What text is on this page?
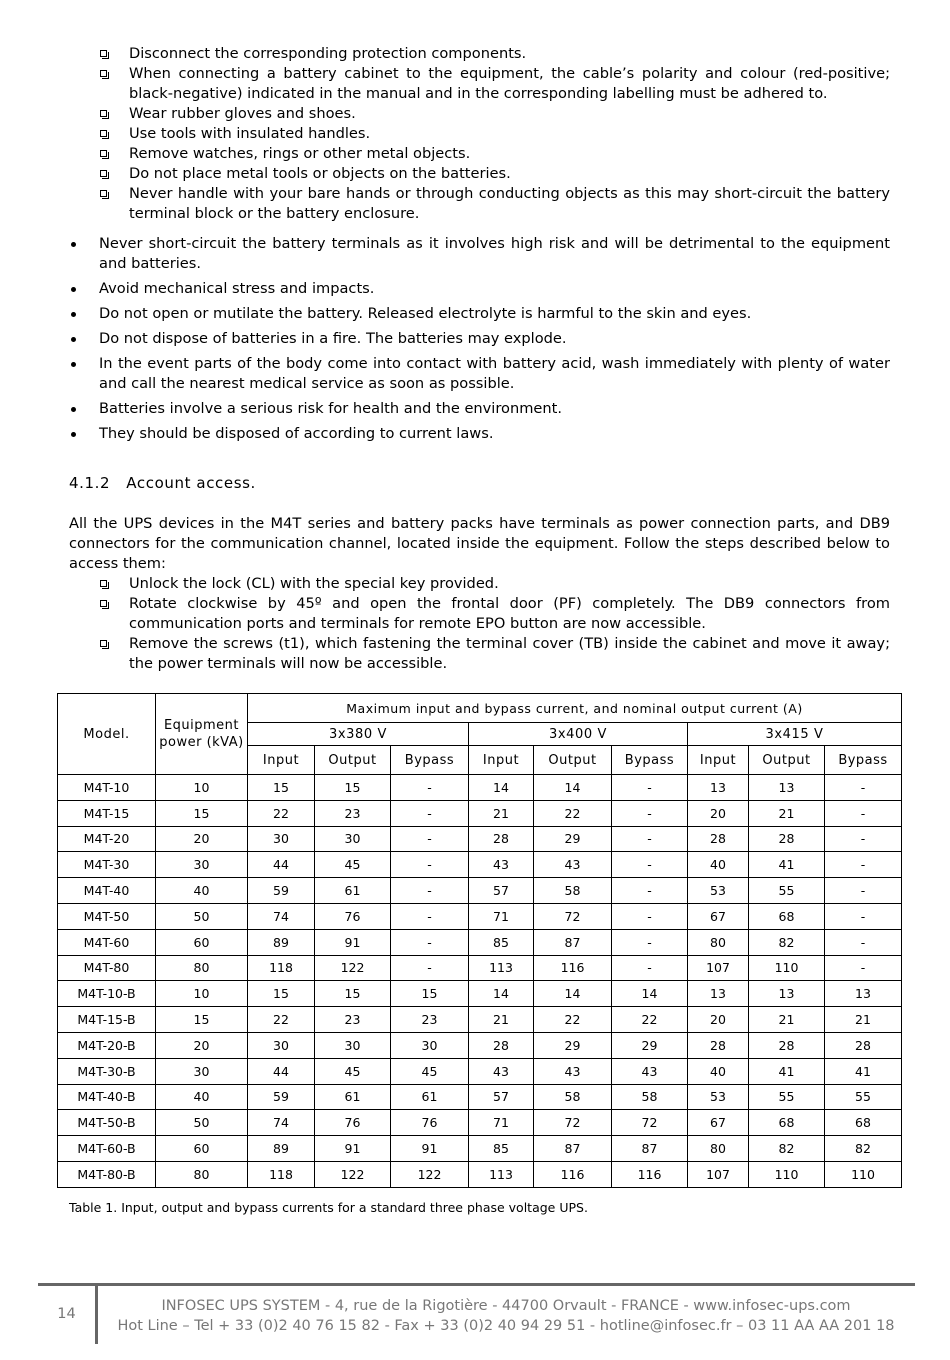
Disconnect the corresponding protection components.
When connecting a battery cabinet to the equipment, the cable’s polarity and colour (red-positive; black-negative) indicated in the manual and in the corresponding labelling must be adhered to.
Wear rubber gloves and shoes.
Use tools with insulated handles.
Remove watches, rings or other metal objects.
Do not place metal tools or objects on the batteries.
Never handle with your bare hands or through conducting objects as this may short-circuit the battery terminal block or the battery enclosure.
Never short-circuit the battery terminals as it involves high risk and will be detrimental to the equipment and batteries.
Avoid mechanical stress and impacts.
Do not open or mutilate the battery. Released electrolyte is harmful to the skin and eyes.
Do not dispose of batteries in a fire. The batteries may explode.
In the event parts of the body come into contact with battery acid, wash immediately with plenty of water and call the nearest medical service as soon as possible.
Batteries involve a serious risk for health and the environment.
They should be disposed of according to current laws.
4.1.2 Account access.

All the UPS devices in the M4T series and battery packs have terminals as power connection parts, and DB9 connectors for the communication channel, located inside the equipment. Follow the steps described below to access them:

Unlock the lock (CL) with the special key provided.
Rotate clockwise by 45º and open the frontal door (PF) completely. The DB9 connectors from communication ports and terminals for remote EPO button are now accessible.
Remove the screws (t1), which fastening the terminal cover (TB) inside the cabinet and move it away; the power terminals will now be accessible.
Model.	Equipment power (kVA)	Maximum input and bypass current, and nominal output current (A)								
		3x380 V			3x400 V			3x415 V		
		Input	Output	Bypass	Input	Output	Bypass	Input	Output	Bypass
M4T-10	10	15	15	-	14	14	-	13	13	-
M4T-15	15	22	23	-	21	22	-	20	21	-
M4T-20	20	30	30	-	28	29	-	28	28	-
M4T-30	30	44	45	-	43	43	-	40	41	-
M4T-40	40	59	61	-	57	58	-	53	55	-
M4T-50	50	74	76	-	71	72	-	67	68	-
M4T-60	60	89	91	-	85	87	-	80	82	-
M4T-80	80	118	122	-	113	116	-	107	110	-
M4T-10-B	10	15	15	15	14	14	14	13	13	13
M4T-15-B	15	22	23	23	21	22	22	20	21	21
M4T-20-B	20	30	30	30	28	29	29	28	28	28
M4T-30-B	30	44	45	45	43	43	43	40	41	41
M4T-40-B	40	59	61	61	57	58	58	53	55	55
M4T-50-B	50	74	76	76	71	72	72	67	68	68
M4T-60-B	60	89	91	91	85	87	87	80	82	82
M4T-80-B	80	118	122	122	113	116	116	107	110	110
Table 1. Input, output and bypass currents for a standard three phase voltage UPS.
14	INFOSEC UPS SYSTEM - 4, rue de la Rigotière - 44700 Orvault - FRANCE - www.infosec-ups.com
Hot Line – Tel + 33 (0)2 40 76 15 82 - Fax + 33 (0)2 40 94 29 51 - hotline@infosec.fr – 03 11 AA AA 201 18
